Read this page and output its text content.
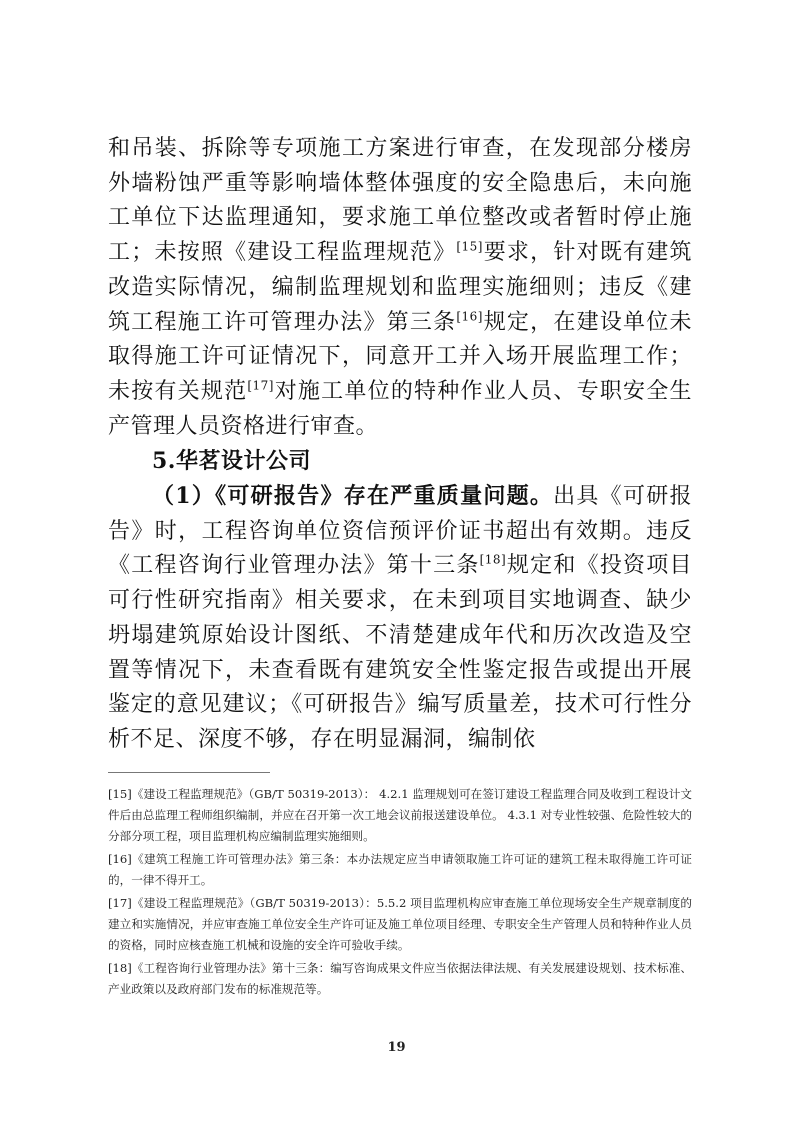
和吊装、拆除等专项施工方案进行审查，在发现部分楼房外墙粉蚀严重等影响墙体整体强度的安全隐患后，未向施工单位下达监理通知，要求施工单位整改或者暂时停止施工；未按照《建设工程监理规范》[15]要求，针对既有建筑改造实际情况，编制监理规划和监理实施细则；违反《建筑工程施工许可管理办法》第三条[16]规定，在建设单位未取得施工许可证情况下，同意开工并入场开展监理工作；未按有关规范[17]对施工单位的特种作业人员、专职安全生产管理人员资格进行审查。

5.华茗设计公司

（1）《可研报告》存在严重质量问题。出具《可研报告》时，工程咨询单位资信预评价证书超出有效期。违反《工程咨询行业管理办法》第十三条[18]规定和《投资项目可行性研究指南》相关要求，在未到项目实地调查、缺少坍塌建筑原始设计图纸、不清楚建成年代和历次改造及空置等情况下，未查看既有建筑安全性鉴定报告或提出开展鉴定的意见建议；《可研报告》编写质量差，技术可行性分析不足、深度不够，存在明显漏洞，编制依

[15]《建设工程监理规范》（GB/T 50319-2013）： 4.2.1 监理规划可在签订建设工程监理合同及收到工程设计文件后由总监理工程师组织编制，并应在召开第一次工地会议前报送建设单位。 4.3.1 对专业性较强、危险性较大的分部分项工程，项目监理机构应编制监理实施细则。

[16]《建筑工程施工许可管理办法》第三条：本办法规定应当申请领取施工许可证的建筑工程未取得施工许可证的，一律不得开工。

[17]《建设工程监理规范》（GB/T 50319-2013）：5.5.2 项目监理机构应审查施工单位现场安全生产规章制度的建立和实施情况，并应审查施工单位安全生产许可证及施工单位项目经理、专职安全生产管理人员和特种作业人员的资格，同时应核查施工机械和设施的安全许可验收手续。

[18]《工程咨询行业管理办法》第十三条：编写咨询成果文件应当依据法律法规、有关发展建设规划、技术标准、产业政策以及政府部门发布的标准规范等。

19
